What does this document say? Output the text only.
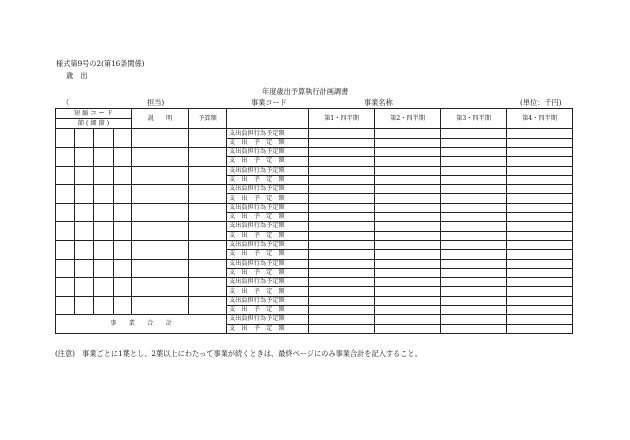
様式第9号の2(第16条関係)
歳　出
年度歳出予算執行計画調書
（	担当)	事業コード	事業名称	(単位：千円)
短 縮 コ ー ド				説　　明	予算額		第1・四半期	第2・四半期	第3・四半期	第4・四半期
節 ( 細 節 )										
						支出負担行為予定額				
						支　出　予　定　額				
						支出負担行為予定額				
						支　出　予　定　額				
						支出負担行為予定額				
						支　出　予　定　額				
						支出負担行為予定額				
						支　出　予　定　額				
						支出負担行為予定額				
						支　出　予　定　額				
						支出負担行為予定額				
						支　出　予　定　額				
						支出負担行為予定額				
						支　出　予　定　額				
						支出負担行為予定額				
						支　出　予　定　額				
						支出負担行為予定額				
						支　出　予　定　額				
						支出負担行為予定額				
						支　出　予　定　額				
事　　業　　合　　計						支出負担行為予定額				
						支　出　予　定　額				
(注意)　事業ごとに1葉とし、2葉以上にわたって事業が続くときは、最終ページにのみ事業合計を記入すること。
